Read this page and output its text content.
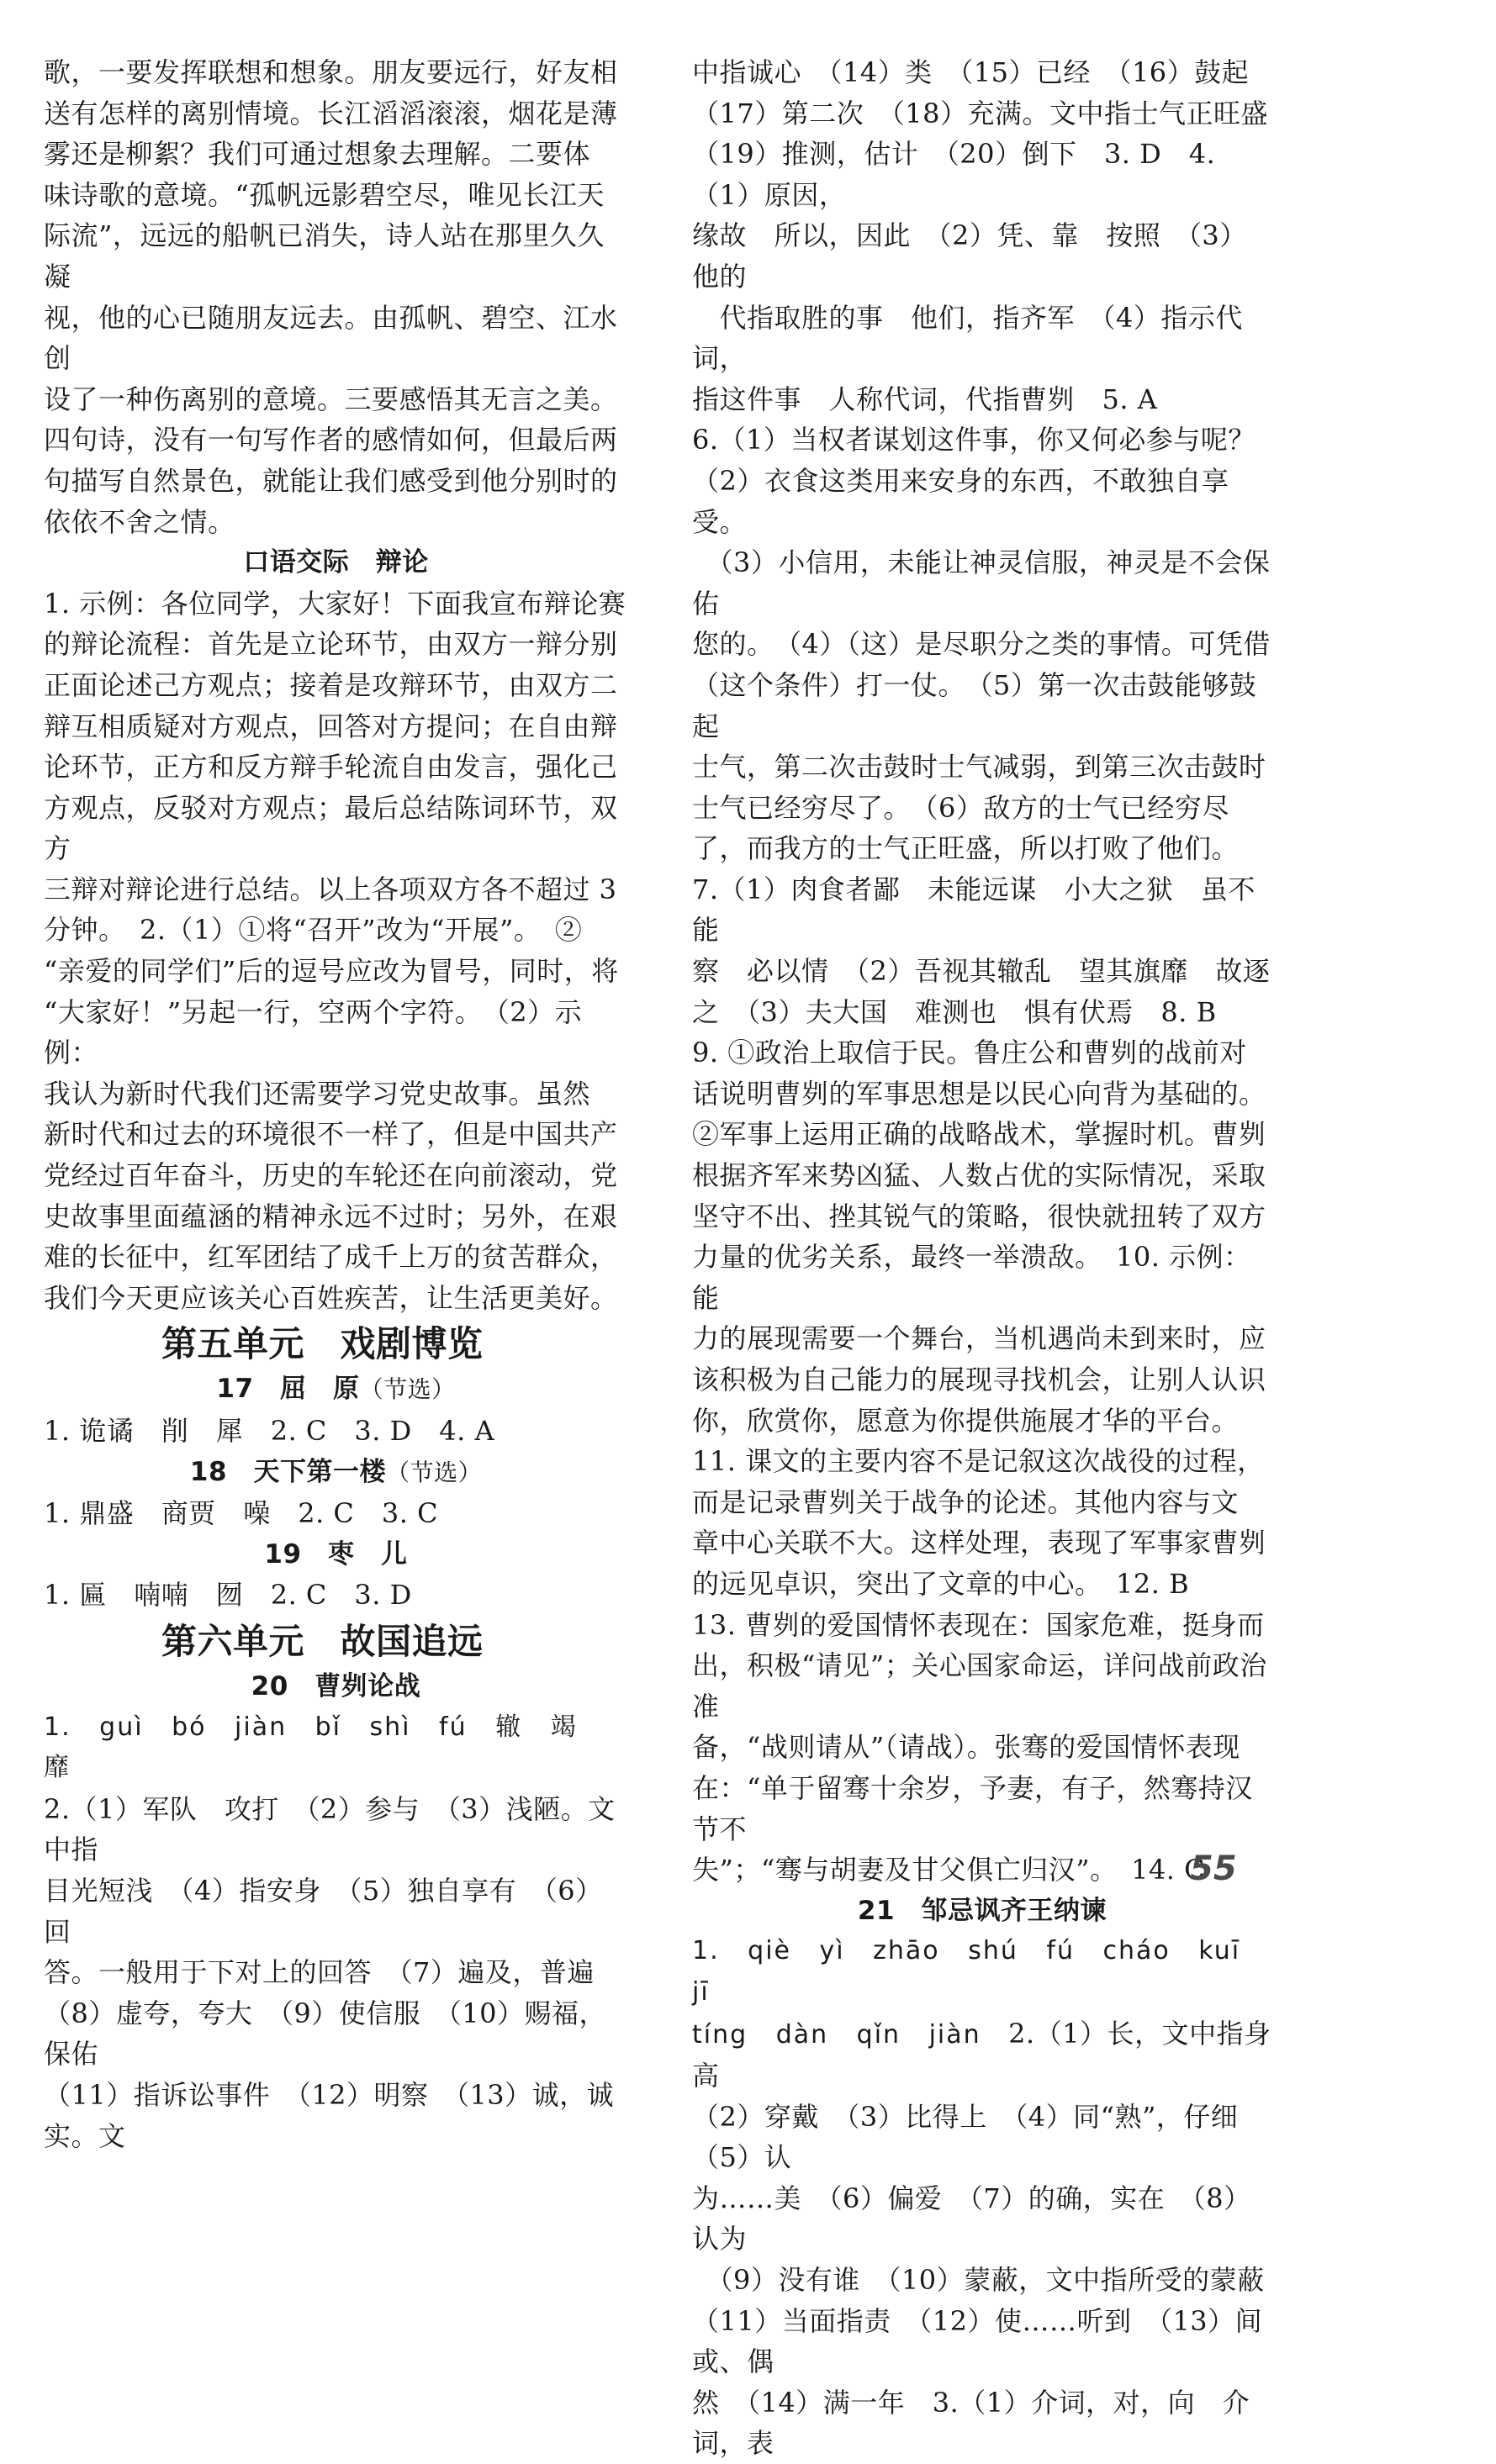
歌，一要发挥联想和想象。朋友要远行，好友相

送有怎样的离别情境。长江滔滔滚滚，烟花是薄

雾还是柳絮？我们可通过想象去理解。二要体

味诗歌的意境。“孤帆远影碧空尽，唯见长江天

际流”，远远的船帆已消失，诗人站在那里久久凝

视，他的心已随朋友远去。由孤帆、碧空、江水创

设了一种伤离别的意境。三要感悟其无言之美。

四句诗，没有一句写作者的感情如何，但最后两

句描写自然景色，就能让我们感受到他分别时的

依依不舍之情。

口语交际　辩论

1. 示例：各位同学，大家好！下面我宣布辩论赛

的辩论流程：首先是立论环节，由双方一辩分别

正面论述己方观点；接着是攻辩环节，由双方二

辩互相质疑对方观点，回答对方提问；在自由辩

论环节，正方和反方辩手轮流自由发言，强化己

方观点，反驳对方观点；最后总结陈词环节，双方

三辩对辩论进行总结。以上各项双方各不超过 3

分钟。　2.（1）①将“召开”改为“开展”。　②

“亲爱的同学们”后的逗号应改为冒号，同时，将

“大家好！”另起一行，空两个字符。　（2）示例：

我认为新时代我们还需要学习党史故事。虽然

新时代和过去的环境很不一样了，但是中国共产

党经过百年奋斗，历史的车轮还在向前滚动，党

史故事里面蕴涵的精神永远不过时；另外，在艰

难的长征中，红军团结了成千上万的贫苦群众，

我们今天更应该关心百姓疾苦，让生活更美好。

第五单元　戏剧博览

17　屈　原（节选）

1. 诡谲　削　犀　2. C　3. D　4. A

18　天下第一楼（节选）

1. 鼎盛　商贾　噪　2. C　3. C

19　枣　儿

1. 匾　喃喃　囫　2. C　3. D

第六单元　故国追远

20　曹刿论战

1. guì bó jiàn bǐ shì fú 辙 竭 靡

2.（1）军队　攻打　（2）参与　（3）浅陋。文中指

目光短浅　（4）指安身　（5）独自享有　（6）回

答。一般用于下对上的回答　（7）遍及，普遍

（8）虚夸，夸大　（9）使信服　（10）赐福，保佑

（11）指诉讼事件　（12）明察　（13）诚，诚实。文

中指诚心　（14）类　（15）已经　（16）鼓起

（17）第二次　（18）充满。文中指士气正旺盛

（19）推测，估计　（20）倒下　3. D　4.（1）原因，

缘故　所以，因此　（2）凭、靠　按照　（3）他的

　代指取胜的事　他们，指齐军　（4）指示代词，

指这件事　人称代词，代指曹刿　5. A

6.（1）当权者谋划这件事，你又何必参与呢？

（2）衣食这类用来安身的东西，不敢独自享受。

　（3）小信用，未能让神灵信服，神灵是不会保佑

您的。　（4）（这）是尽职分之类的事情。可凭借

（这个条件）打一仗。　（5）第一次击鼓能够鼓起

士气，第二次击鼓时士气减弱，到第三次击鼓时

士气已经穷尽了。　（6）敌方的士气已经穷尽

了，而我方的士气正旺盛，所以打败了他们。

7.（1）肉食者鄙　未能远谋　小大之狱　虽不能

察　必以情　（2）吾视其辙乱　望其旗靡　故逐

之　（3）夫大国　难测也　惧有伏焉　8. B

9. ①政治上取信于民。鲁庄公和曹刿的战前对

话说明曹刿的军事思想是以民心向背为基础的。

②军事上运用正确的战略战术，掌握时机。曹刿

根据齐军来势凶猛、人数占优的实际情况，采取

坚守不出、挫其锐气的策略，很快就扭转了双方

力量的优劣关系，最终一举溃敌。　10. 示例：能

力的展现需要一个舞台，当机遇尚未到来时，应

该积极为自己能力的展现寻找机会，让别人认识

你，欣赏你，愿意为你提供施展才华的平台。

11. 课文的主要内容不是记叙这次战役的过程，

而是记录曹刿关于战争的论述。其他内容与文

章中心关联不大。这样处理，表现了军事家曹刿

的远见卓识，突出了文章的中心。　12. B

13. 曹刿的爱国情怀表现在：国家危难，挺身而

出，积极“请见”；关心国家命运，详问战前政治准

备，“战则请从”（请战）。张骞的爱国情怀表现

在：“单于留骞十余岁，予妻，有子，然骞持汉节不

失”；“骞与胡妻及甘父俱亡归汉”。　14. C

21　邹忌讽齐王纳谏

1. qiè yì zhāo shú fú cháo kuī jī

tíng dàn qǐn jiàn　2.（1）长，文中指身高

（2）穿戴　（3）比得上　（4）同“熟”，仔细　（5）认

为……美　（6）偏爱　（7）的确，实在　（8）认为

　（9）没有谁　（10）蒙蔽，文中指所受的蒙蔽

（11）当面指责　（12）使……听到　（13）间或、偶

然　（14）满一年　3.（1）介词，对，向　介词，表

55
